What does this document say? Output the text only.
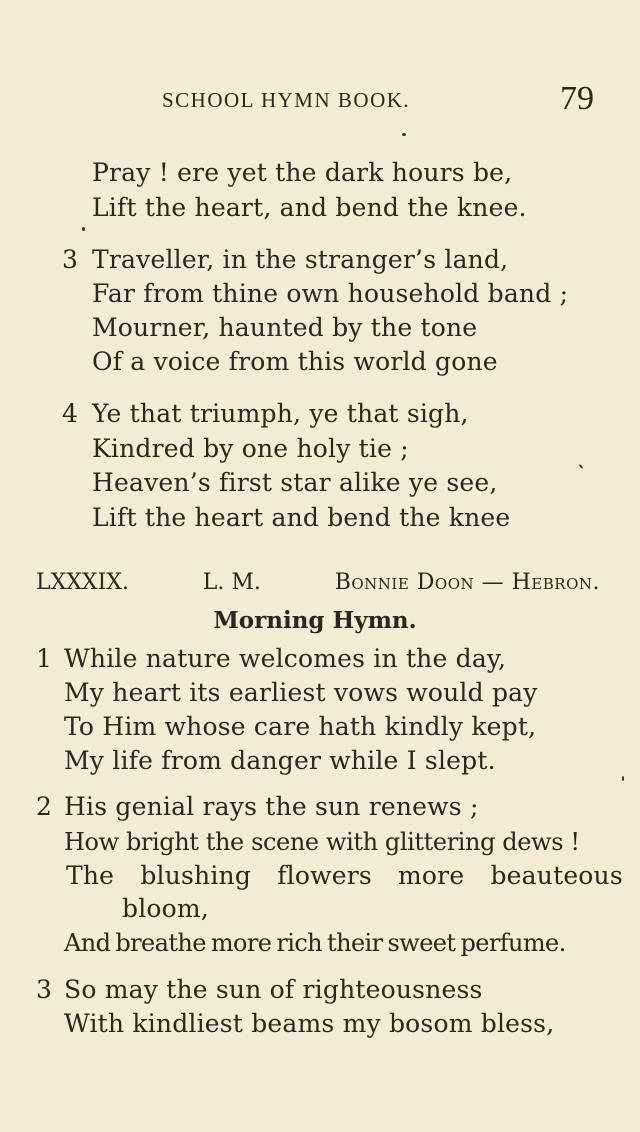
SCHOOL HYMN BOOK.	79
Pray ! ere yet the dark hours be,
Lift the heart, and bend the knee.
3 Traveller, in the stranger’s land,
Far from thine own household band ;
Mourner, haunted by the tone
Of a voice from this world gone
4 Ye that triumph, ye that sigh,
Kindred by one holy tie ;
Heaven’s first star alike ye see,
Lift the heart and bend the knee
LXXXIX.	L. M.	Bonnie Doon — Hebron.
Morning Hymn.
1 While nature welcomes in the day,
My heart its earliest vows would pay
To Him whose care hath kindly kept,
My life from danger while I slept.
2 His genial rays the sun renews ;
How bright the scene with glittering dews !
The blushing flowers more beauteous
bloom,
And breathe more rich their sweet perfume.
3 So may the sun of righteousness
With kindliest beams my bosom bless,
